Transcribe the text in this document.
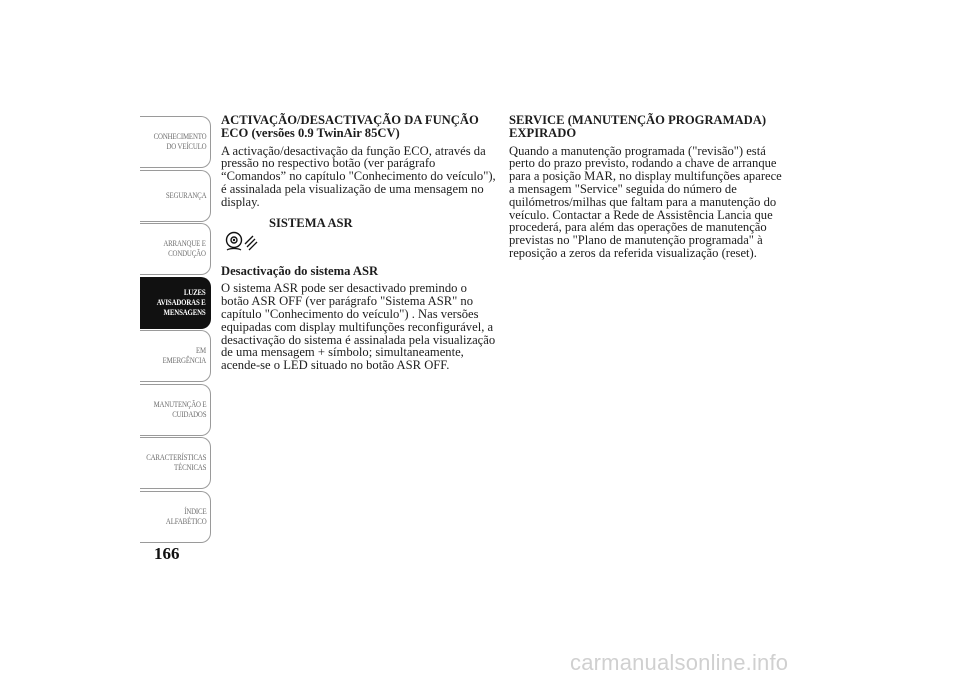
CONHECIMENTO
DO VEÍCULO
SEGURANÇA
ARRANQUE E
CONDUÇÃO
LUZES
AVISADORAS E
MENSAGENS
EM EMERGÊNCIA
MANUTENÇÃO E
CUIDADOS
CARACTERÍSTICAS
TÉCNICAS
ÍNDICE
ALFABÉTICO
166

ACTIVAÇÃO/DESACTIVAÇÃO DA FUNÇÃO ECO (versões 0.9 TwinAir 85CV)

A activação/desactivação da função ECO, através da pressão no respectivo botão (ver parágrafo “Comandos” no capítulo "Conhecimento do veículo"), é assinalada pela visualização de uma mensagem no display.

SISTEMA ASR

Desactivação do sistema ASR

O sistema ASR pode ser desactivado premindo o botão ASR OFF (ver parágrafo "Sistema ASR" no capítulo "Conhecimento do veículo") . Nas versões equipadas com display multifunções reconfigurável, a desactivação do sistema é assinalada pela visualização de uma mensagem + símbolo; simultaneamente, acende-se o LED situado no botão ASR OFF.

SERVICE (MANUTENÇÃO PROGRAMADA) EXPIRADO

Quando a manutenção programada ("revisão") está perto do prazo previsto, rodando a chave de arranque para a posição MAR, no display multifunções aparece a mensagem "Service" seguida do número de quilómetros/milhas que faltam para a manutenção do veículo. Contactar a Rede de Assistência Lancia que procederá, para além das operações de manutenção previstas no "Plano de manutenção programada" à reposição a zeros da referida visualização (reset).

carmanualsonline.info
